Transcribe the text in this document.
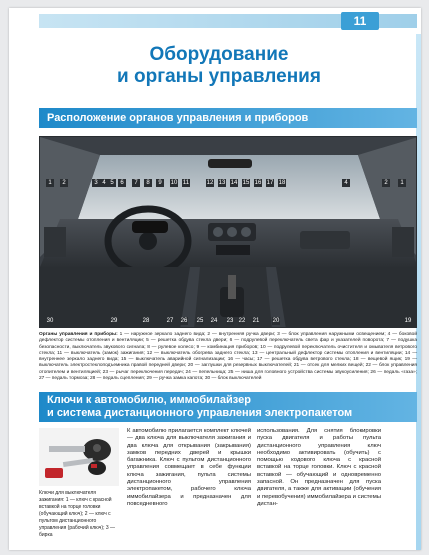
11
Оборудование
и органы управления
Расположение органов управления и приборов
1	2	3 4 5	6	7	8	9	10 11	12 13 14 15 16 17 18	4	2	1
30	29	28	27 26 25 24 23 22 21 20	19
Органы управления и приборы: 1 — наружное зеркало заднего вида; 2 — внутренняя ручка двери; 3 — блок управления наружными освещением; 4 — боковой дефлектор системы отопления и вентиляции; 5 — решетка обдува стекла двери; 6 — подрулевой переключатель света фар и указателей поворота; 7 — подушка безопасности, выключатель звукового сигнала; 8 — рулевое колесо; 9 — комбинация приборов; 10 — подрулевой переключатель очистителя и омывателя ветрового стекла; 11 — выключатель (замок) зажигания; 12 — выключатель обогрева заднего стекла; 13 — центральный дефлектор системы отопления и вентиляции; 14 — внутреннее зеркало заднего вида; 15 — выключатель аварийной сигнализации; 16 — часы; 17 — решетка обдува ветрового стекла; 18 — вещевой ящик; 19 — выключатель электростеклоподъемника правой передней двери; 20 — заглушки для резервных выключателей; 21 — отсек для мелких вещей; 22 — блок управления отопителем и вентиляцией; 23 — рычаг переключения передач; 24 — пепельница; 25 — ниша для головного устройства системы звукоусиления; 26 — педаль «газа»; 27 — педаль тормоза; 28 — педаль сцепления; 29 — ручка замка капота; 30 — блок выключателей
Ключи к автомобилю, иммобилайзер
и система дистанционного управления электропакетом
Ключи для выключателя зажигания: 1 — ключ с красной вставкой на торце головки (обучающий ключ); 2 — ключ с пультом дистанционного управления (рабочий ключ); 3 — бирка
К автомобилю прилагается комплект ключей — два ключа для выключателя зажигания и два ключа для открывания (закрывания) замков передних дверей и крышки багажника. Ключ с пультом дистанционного управления совмещает в себе функции ключа зажигания, пульта системы дистанционного управления электропакетом, рабочего ключа иммобилайзера и предназначен для повседневного
использования. Для снятия блокировки пуска двигателя и работы пульта дистанционного управления ключ необходимо активировать (обучить) с помощью кодового ключа с красной вставкой на торце головки. Ключ с красной вставкой — обучающий и одновременно запасной. Он предназначен для пуска двигателя, а также для активации (обучения и перевобучения) иммобилайзера и системы дистан-
